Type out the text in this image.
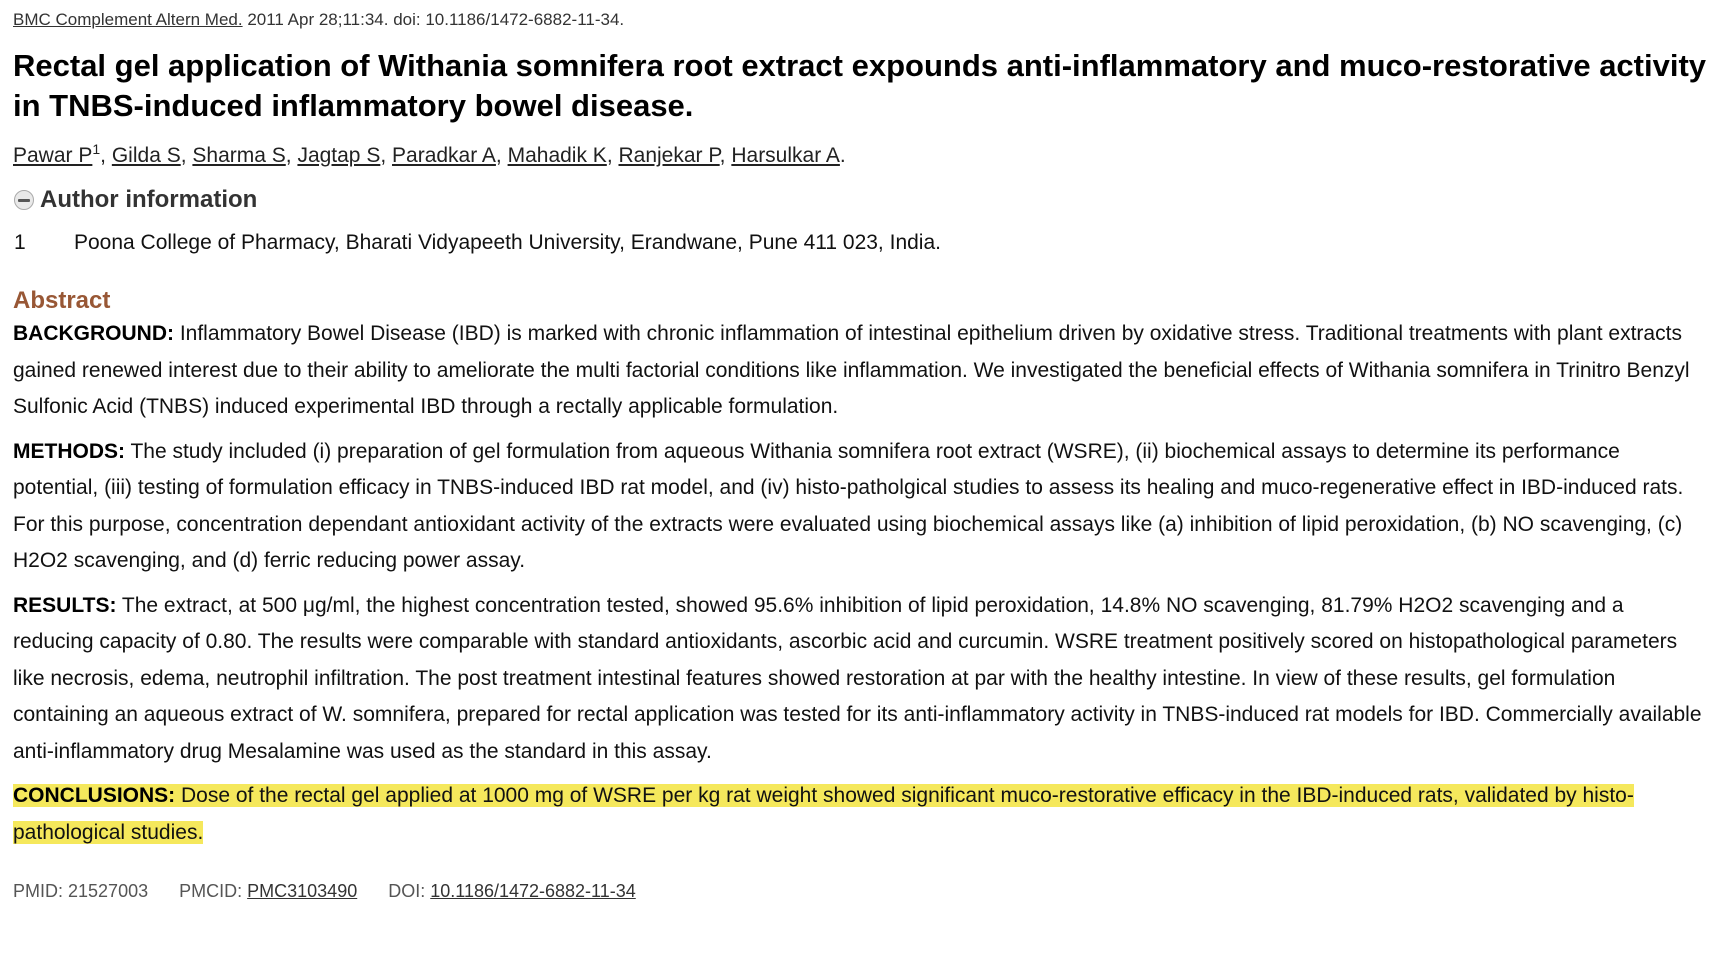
BMC Complement Altern Med. 2011 Apr 28;11:34. doi: 10.1186/1472-6882-11-34.

Rectal gel application of Withania somnifera root extract expounds anti-inflammatory and muco-restorative activity in TNBS-induced inflammatory bowel disease.

Pawar $P^1$, Gilda S, Sharma S, Jagtap S, Paradkar A, Mahadik K, Ranjekar P, Harsulkar A.

Author information
1	Poona College of Pharmacy, Bharati Vidyapeeth University, Erandwane, Pune 411 023, India.
Abstract

BACKGROUND: Inflammatory Bowel Disease (IBD) is marked with chronic inflammation of intestinal epithelium driven by oxidative stress. Traditional treatments with plant extracts gained renewed interest due to their ability to ameliorate the multi factorial conditions like inflammation. We investigated the beneficial effects of Withania somnifera in Trinitro Benzyl Sulfonic Acid (TNBS) induced experimental IBD through a rectally applicable formulation.

METHODS: The study included (i) preparation of gel formulation from aqueous Withania somnifera root extract (WSRE), (ii) biochemical assays to determine its performance potential, (iii) testing of formulation efficacy in TNBS-induced IBD rat model, and (iv) histo-patholgical studies to assess its healing and muco-regenerative effect in IBD-induced rats. For this purpose, concentration dependant antioxidant activity of the extracts were evaluated using biochemical assays like (a) inhibition of lipid peroxidation, (b) NO scavenging, (c) H2O2 scavenging, and (d) ferric reducing power assay.

RESULTS: The extract, at 500 μg/ml, the highest concentration tested, showed 95.6% inhibition of lipid peroxidation, 14.8% NO scavenging, 81.79% H2O2 scavenging and a reducing capacity of 0.80. The results were comparable with standard antioxidants, ascorbic acid and curcumin. WSRE treatment positively scored on histopathological parameters like necrosis, edema, neutrophil infiltration. The post treatment intestinal features showed restoration at par with the healthy intestine. In view of these results, gel formulation containing an aqueous extract of W. somnifera, prepared for rectal application was tested for its anti-inflammatory activity in TNBS-induced rat models for IBD. Commercially available anti-inflammatory drug Mesalamine was used as the standard in this assay.

CONCLUSIONS: Dose of the rectal gel applied at 1000 mg of WSRE per kg rat weight showed significant muco-restorative efficacy in the IBD-induced rats, validated by histo-pathological studies.

PMID: 21527003 PMCID: PMC3103490 DOI: 10.1186/1472-6882-11-34
